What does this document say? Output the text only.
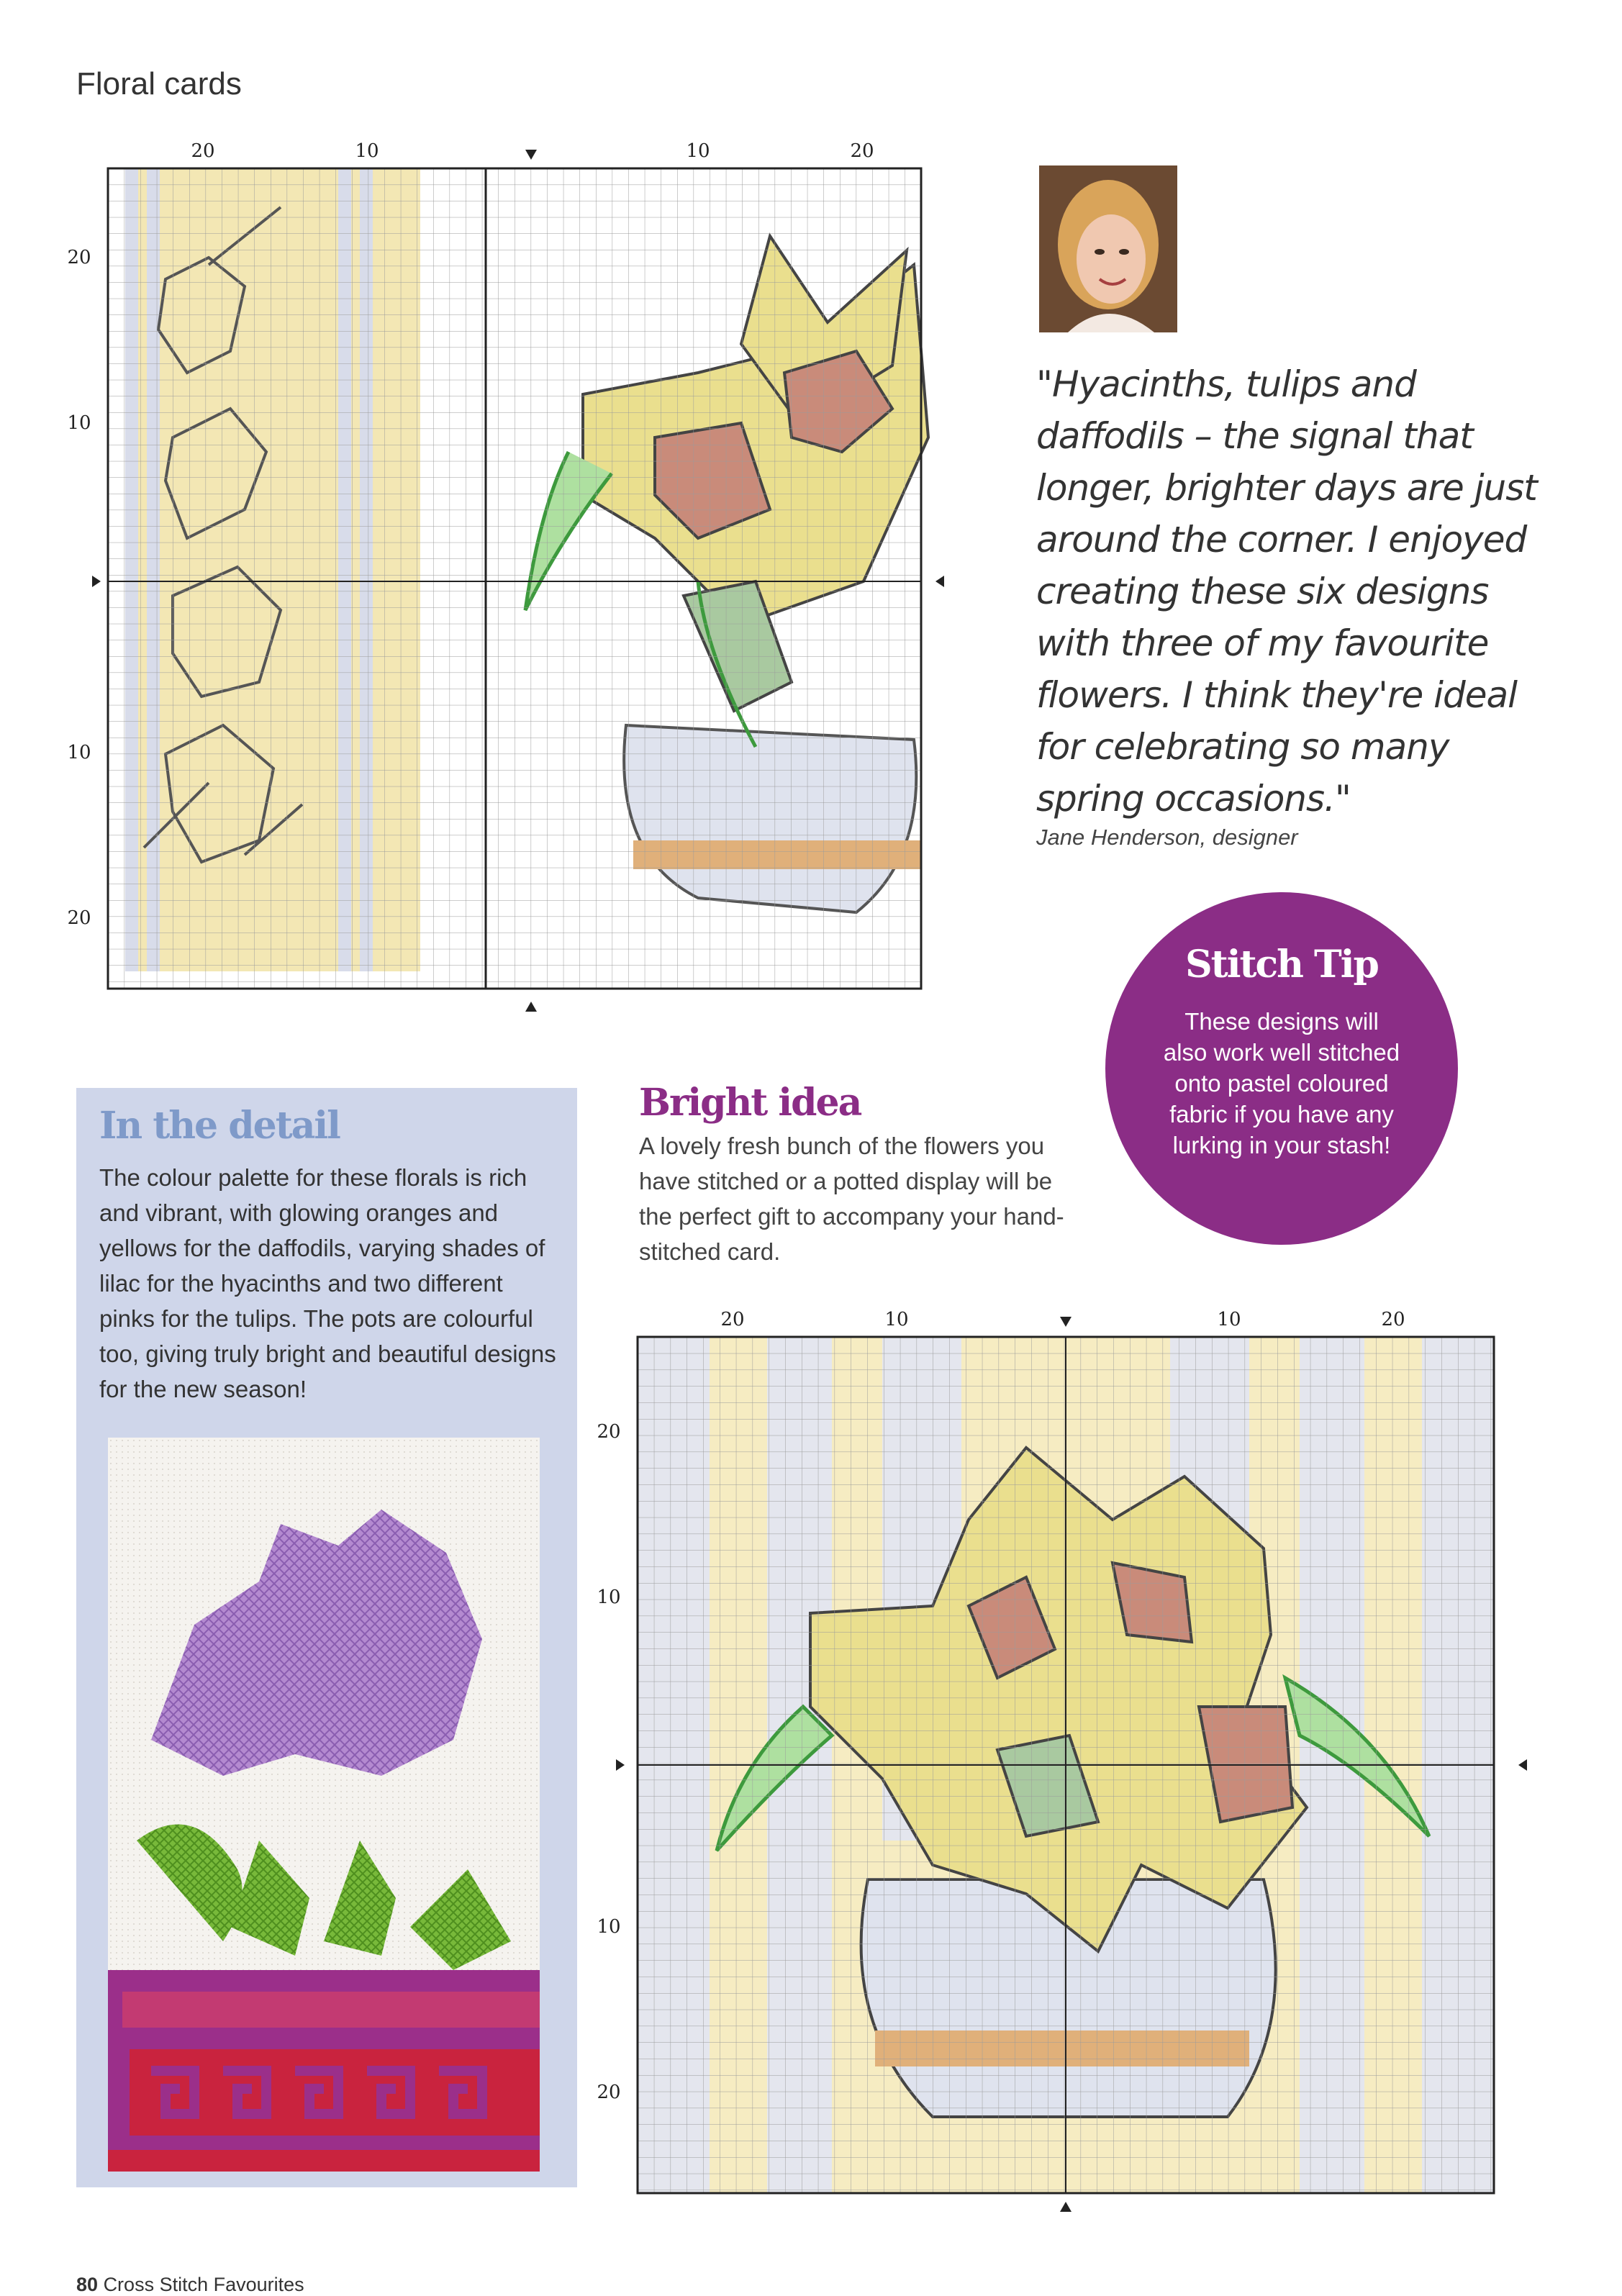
Floral cards
20	10	10	20
20
10
10
20
"Hyacinths, tulips and daffodils – the signal that longer, brighter days are just around the corner. I enjoyed creating these six designs with three of my favourite flowers. I think they're ideal for celebrating so many spring occasions."
Jane Henderson, designer
Stitch Tip
These designs will also work well stitched onto pastel coloured fabric if you have any lurking in your stash!
In the detail
The colour palette for these florals is rich and vibrant, with glowing oranges and yellows for the daffodils, varying shades of lilac for the hyacinths and two different pinks for the tulips. The pots are colourful too, giving truly bright and beautiful designs for the new season!
Bright idea
A lovely fresh bunch of the flowers you have stitched or a potted display will be the perfect gift to accompany your hand-stitched card.
20	10	10	20
20
10
10
20
80 Cross Stitch Favourites
